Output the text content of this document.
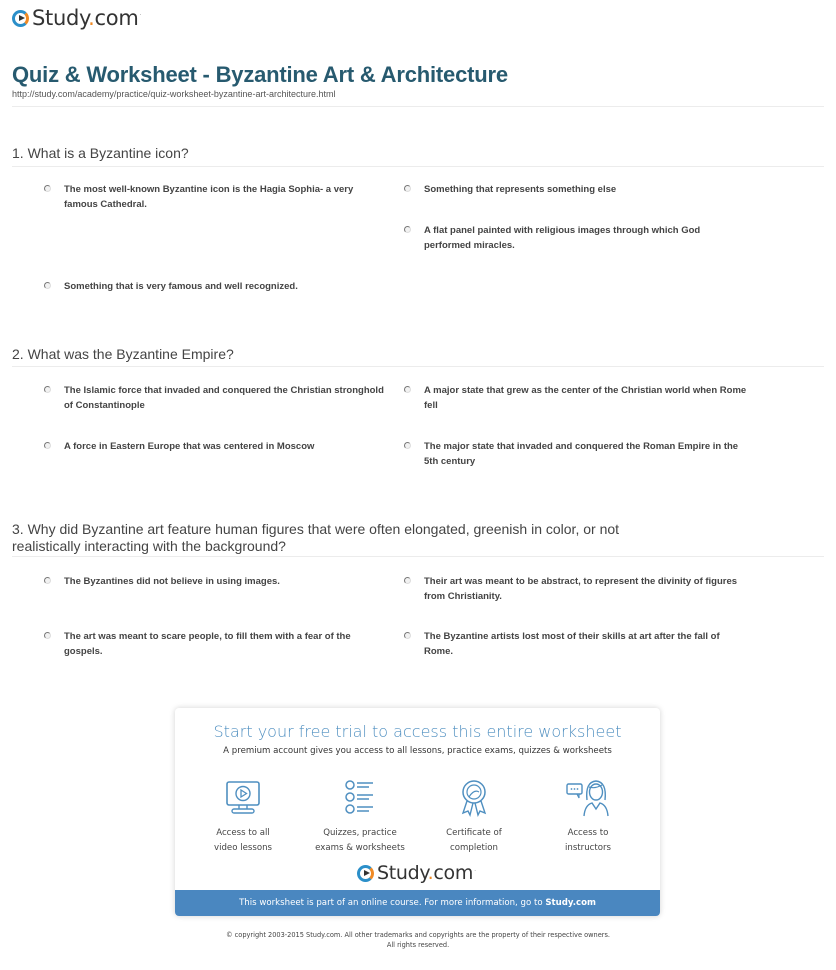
Study.com ·
Quiz & Worksheet - Byzantine Art & Architecture
http://study.com/academy/practice/quiz-worksheet-byzantine-art-architecture.html
1. What is a Byzantine icon?
The most well-known Byzantine icon is the Hagia Sophia- a very famous Cathedral.
Something that represents something else
A flat panel painted with religious images through which God performed miracles.
Something that is very famous and well recognized.
2. What was the Byzantine Empire?
The Islamic force that invaded and conquered the Christian stronghold of Constantinople
A major state that grew as the center of the Christian world when Rome fell
A force in Eastern Europe that was centered in Moscow	The major state that invaded and conquered the Roman Empire in the 5th century
3. Why did Byzantine art feature human figures that were often elongated, greenish in color, or not realistically interacting with the background?
The Byzantines did not believe in using images.	Their art was meant to be abstract, to represent the divinity of figures from Christianity.
The art was meant to scare people, to fill them with a fear of the gospels.
The Byzantine artists lost most of their skills at art after the fall of Rome.
Start your free trial to access this entire worksheet
A premium account gives you access to all lessons, practice exams, quizzes & worksheets
Access to all
video lessons
Quizzes, practice
exams & worksheets
Certificate of
completion
Access to
instructors
Study.com ·
This worksheet is part of an online course. For more information, go to Study.com
© copyright 2003-2015 Study.com. All other trademarks and copyrights are the property of their respective owners.
All rights reserved.
